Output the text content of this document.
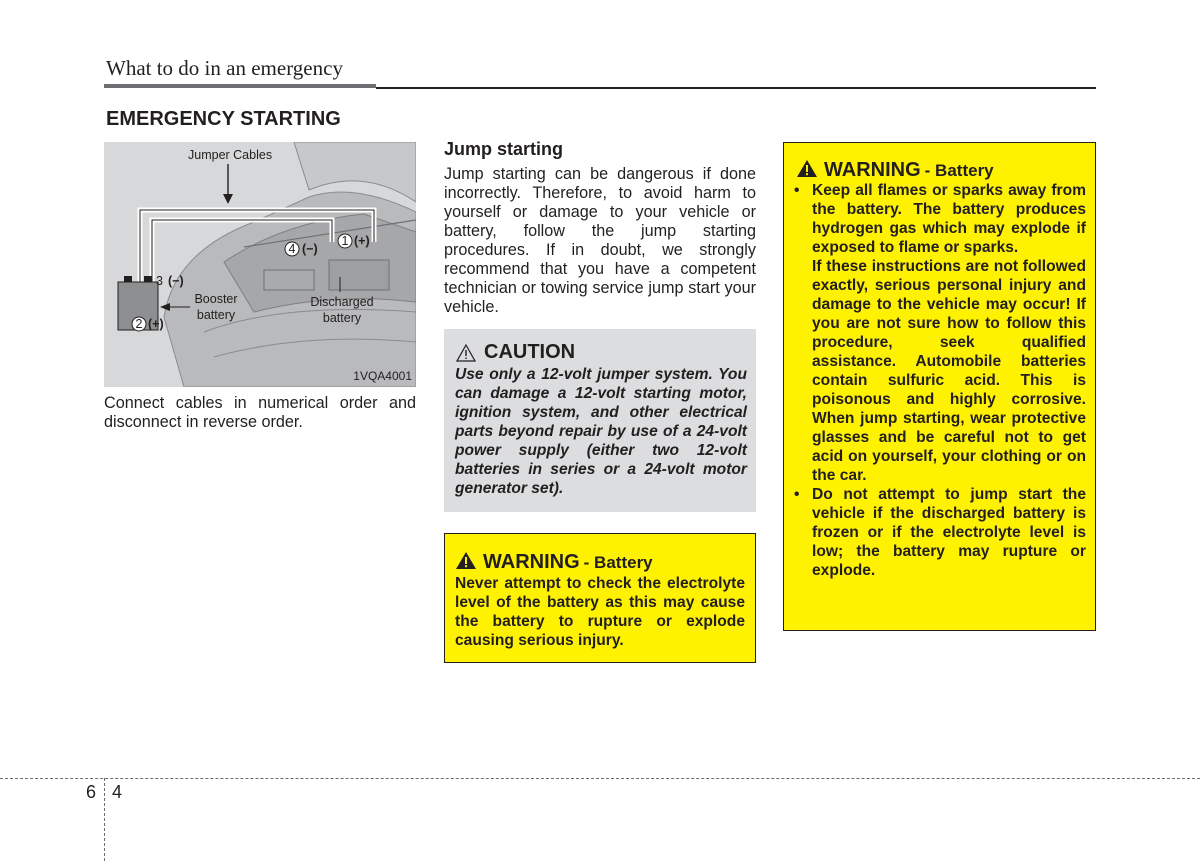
What to do in an emergency
EMERGENCY STARTING
Jumper Cables
1 (+)
4 (−)
3 (−)
2 (+)
Booster
battery
Discharged
battery
1VQA4001
Connect cables in numerical order and disconnect in reverse order.
Jump starting
Jump starting can be dangerous if done incorrectly. Therefore, to avoid harm to yourself or damage to your vehicle or battery, follow the jump starting procedures. If in doubt, we strongly recommend that you have a competent technician or towing service jump start your vehicle.
CAUTION
Use only a 12-volt jumper system. You can damage a 12-volt starting motor, ignition system, and other electrical parts beyond repair by use of a 24-volt power supply (either two 12-volt batteries in series or a 24-volt motor generator set).
WARNING - Battery
Never attempt to check the electrolyte level of the battery as this may cause the battery to rupture or explode causing serious injury.
WARNING - Battery
• Keep all flames or sparks away from the battery. The battery produces hydrogen gas which may explode if exposed to flame or sparks.

If these instructions are not followed exactly, serious personal injury and damage to the vehicle may occur! If you are not sure how to follow this procedure, seek qualified assistance. Automobile batteries contain sulfuric acid. This is poisonous and highly corrosive. When jump starting, wear protective glasses and be careful not to get acid on yourself, your clothing or on the car.

• Do not attempt to jump start the vehicle if the discharged battery is frozen or if the electrolyte level is low; the battery may rupture or explode.

6 4
